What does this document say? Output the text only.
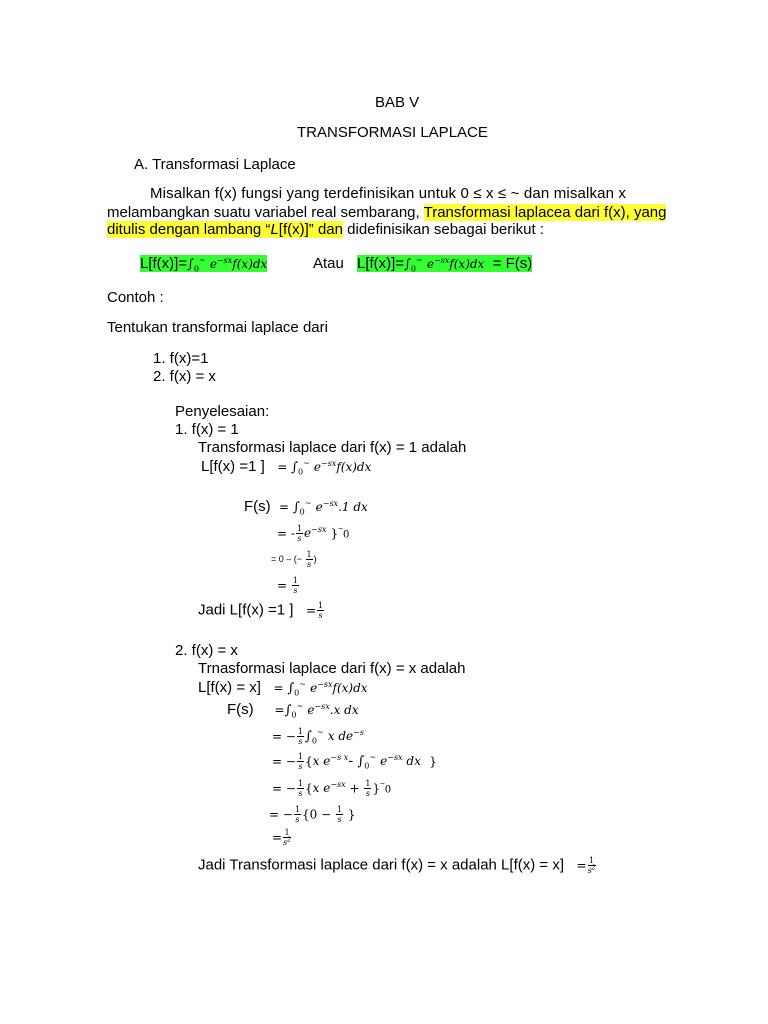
BAB V
TRANSFORMASI LAPLACE
A. Transformasi Laplace
Misalkan f(x) fungsi yang terdefinisikan untuk 0 ≤ x ≤ ~ dan misalkan x
melambangkan suatu variabel real sembarang, Transformasi laplacea dari f(x), yang
ditulis dengan lambang “L[f(x)]” dan didefinisikan sebagai berikut :
$L[f(x)]=\int_0^\sim$ $e^{-sx}f(x)dx$	Atau $L[f(x)]=\int_0^\sim$ $e^{-sx}f(x)dx = F(s)$
Contoh :
Tentukan transformai laplace dari
1. f(x)=1
2. f(x) = x
Penyelesaian:
1. f(x) = 1
Transformasi laplace dari f(x) = 1 adalah
L[f(x) =1 ] = $\int_0^\sim$ $e^{-sx}f(x)dx$
$F(s) = \int_0^\sim$ $e^{-sx}.1$ dx
= - $\frac{1}{s} e^{-sx}$ }~0
= 0 – (− $\frac{1}{s}$ )
= $\frac{1}{s}$
Jadi L[f(x) =1 ] = $\frac{1}{s}$
2. f(x) = x
Trnasformasi laplace dari f(x) = x adalah
$L[f(x) = x] = \int_0^\sim$ $e^{-sx}f(x)dx$
$F(s) =\int_0^\sim$ $e^{-sx}.x$ dx
= − $\frac{1}{s} \int_0^\sim$ x $de^{-s}$
= − $\frac{1}{s} \{x$ $e^{-s x}-$ $\int_0^\sim$ $e^{-sx}$ dx }
= − $\frac{1}{s} \{x$ $e^{-sx} + \frac{1}{s} \}^\sim 0$
= − $\frac{1}{s} \{0 - \frac{1}{s}$ }
= $\frac{1}{s^2}$
Jadi Transformasi laplace dari f(x) = x adalah $L[f(x) = x] = \frac{1}{s^2}$
